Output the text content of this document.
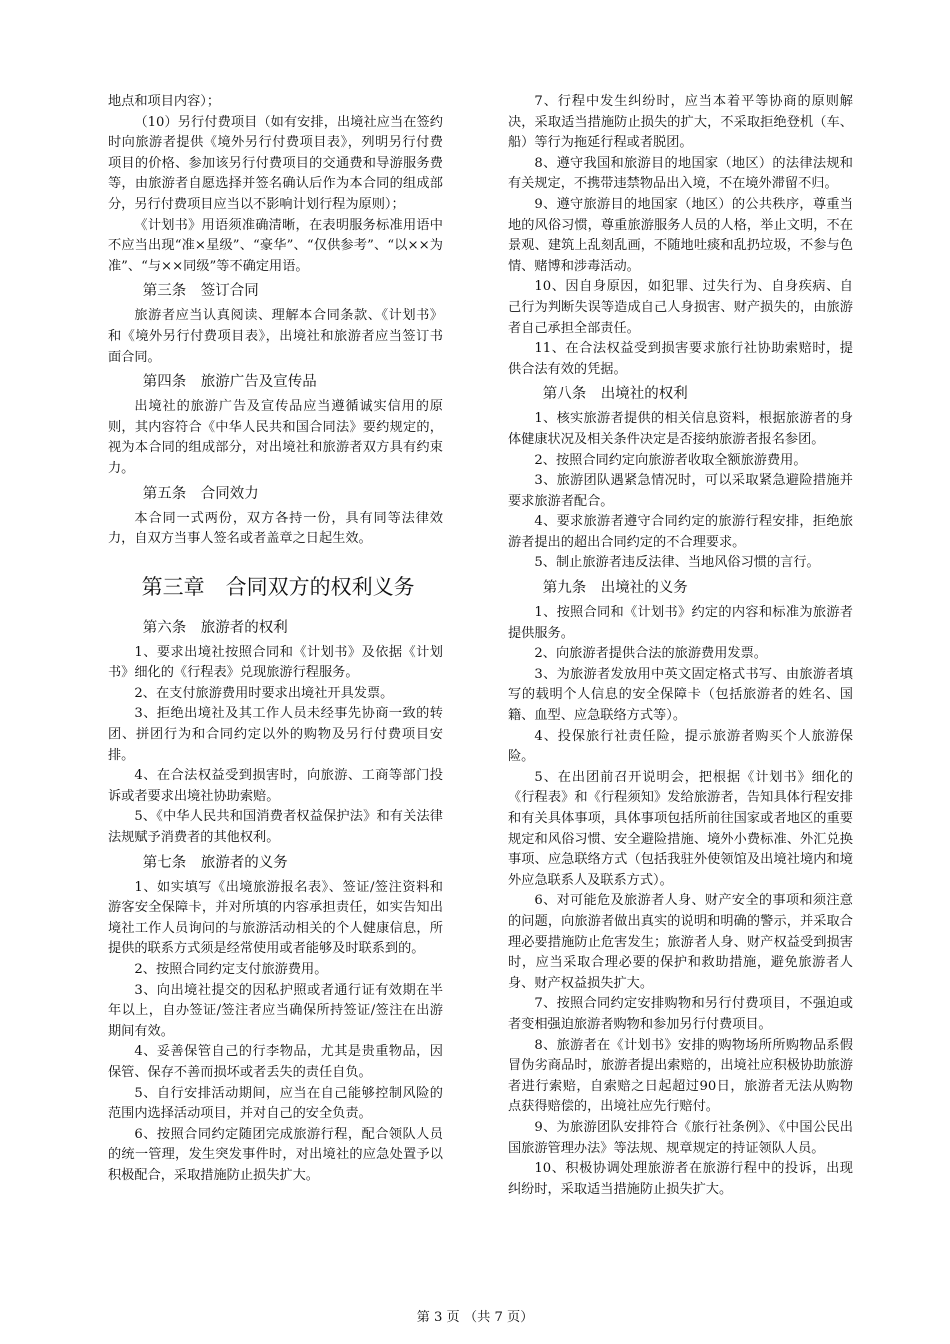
地点和项目内容）；

（10）另行付费项目（如有安排，出境社应当在签约时向旅游者提供《境外另行付费项目表》，列明另行付费项目的价格、参加该另行付费项目的交通费和导游服务费等，由旅游者自愿选择并签名确认后作为本合同的组成部分，另行付费项目应当以不影响计划行程为原则）；

《计划书》用语须准确清晰，在表明服务标准用语中不应当出现“准×星级”、“豪华”、“仅供参考”、“以××为准”、“与××同级”等不确定用语。

第三条　签订合同

旅游者应当认真阅读、理解本合同条款、《计划书》和《境外另行付费项目表》，出境社和旅游者应当签订书面合同。

第四条　旅游广告及宣传品

出境社的旅游广告及宣传品应当遵循诚实信用的原则，其内容符合《中华人民共和国合同法》要约规定的，视为本合同的组成部分，对出境社和旅游者双方具有约束力。

第五条　合同效力

本合同一式两份，双方各持一份，具有同等法律效力，自双方当事人签名或者盖章之日起生效。

第三章　合同双方的权利义务
第六条　旅游者的权利

1、要求出境社按照合同和《计划书》及依据《计划书》细化的《行程表》兑现旅游行程服务。

2、在支付旅游费用时要求出境社开具发票。

3、拒绝出境社及其工作人员未经事先协商一致的转团、拼团行为和合同约定以外的购物及另行付费项目安排。

4、在合法权益受到损害时，向旅游、工商等部门投诉或者要求出境社协助索赔。

5、《中华人民共和国消费者权益保护法》和有关法律法规赋予消费者的其他权利。

第七条　旅游者的义务

1、如实填写《出境旅游报名表》、签证/签注资料和游客安全保障卡，并对所填的内容承担责任，如实告知出境社工作人员询问的与旅游活动相关的个人健康信息，所提供的联系方式须是经常使用或者能够及时联系到的。

2、按照合同约定支付旅游费用。

3、向出境社提交的因私护照或者通行证有效期在半年以上，自办签证/签注者应当确保所持签证/签注在出游期间有效。

4、妥善保管自己的行李物品，尤其是贵重物品，因保管、保存不善而损坏或者丢失的责任自负。

5、自行安排活动期间，应当在自己能够控制风险的范围内选择活动项目，并对自己的安全负责。

6、按照合同约定随团完成旅游行程，配合领队人员的统一管理，发生突发事件时，对出境社的应急处置予以积极配合，采取措施防止损失扩大。

7、行程中发生纠纷时，应当本着平等协商的原则解决，采取适当措施防止损失的扩大，不采取拒绝登机（车、船）等行为拖延行程或者脱团。

8、遵守我国和旅游目的地国家（地区）的法律法规和有关规定，不携带违禁物品出入境，不在境外滞留不归。

9、遵守旅游目的地国家（地区）的公共秩序，尊重当地的风俗习惯，尊重旅游服务人员的人格，举止文明，不在景观、建筑上乱刻乱画，不随地吐痰和乱扔垃圾，不参与色情、赌博和涉毒活动。

10、因自身原因，如犯罪、过失行为、自身疾病、自己行为判断失误等造成自己人身损害、财产损失的，由旅游者自己承担全部责任。

11、在合法权益受到损害要求旅行社协助索赔时，提供合法有效的凭据。

第八条　出境社的权利

1、核实旅游者提供的相关信息资料，根据旅游者的身体健康状况及相关条件决定是否接纳旅游者报名参团。

2、按照合同约定向旅游者收取全额旅游费用。

3、旅游团队遇紧急情况时，可以采取紧急避险措施并要求旅游者配合。

4、要求旅游者遵守合同约定的旅游行程安排，拒绝旅游者提出的超出合同约定的不合理要求。

5、制止旅游者违反法律、当地风俗习惯的言行。

第九条　出境社的义务

1、按照合同和《计划书》约定的内容和标准为旅游者提供服务。

2、向旅游者提供合法的旅游费用发票。

3、为旅游者发放用中英文固定格式书写、由旅游者填写的载明个人信息的安全保障卡（包括旅游者的姓名、国籍、血型、应急联络方式等）。

4、投保旅行社责任险，提示旅游者购买个人旅游保险。

5、在出团前召开说明会，把根据《计划书》细化的《行程表》和《行程须知》发给旅游者，告知具体行程安排和有关具体事项，具体事项包括所前往国家或者地区的重要规定和风俗习惯、安全避险措施、境外小费标准、外汇兑换事项、应急联络方式（包括我驻外使领馆及出境社境内和境外应急联系人及联系方式）。

6、对可能危及旅游者人身、财产安全的事项和须注意的问题，向旅游者做出真实的说明和明确的警示，并采取合理必要措施防止危害发生；旅游者人身、财产权益受到损害时，应当采取合理必要的保护和救助措施，避免旅游者人身、财产权益损失扩大。

7、按照合同约定安排购物和另行付费项目，不强迫或者变相强迫旅游者购物和参加另行付费项目。

8、旅游者在《计划书》安排的购物场所所购物品系假冒伪劣商品时，旅游者提出索赔的，出境社应积极协助旅游者进行索赔，自索赔之日起超过90日，旅游者无法从购物点获得赔偿的，出境社应先行赔付。

9、为旅游团队安排符合《旅行社条例》、《中国公民出国旅游管理办法》等法规、规章规定的持证领队人员。

10、积极协调处理旅游者在旅游行程中的投诉，出现纠纷时，采取适当措施防止损失扩大。

第 3 页 （共 7 页）
